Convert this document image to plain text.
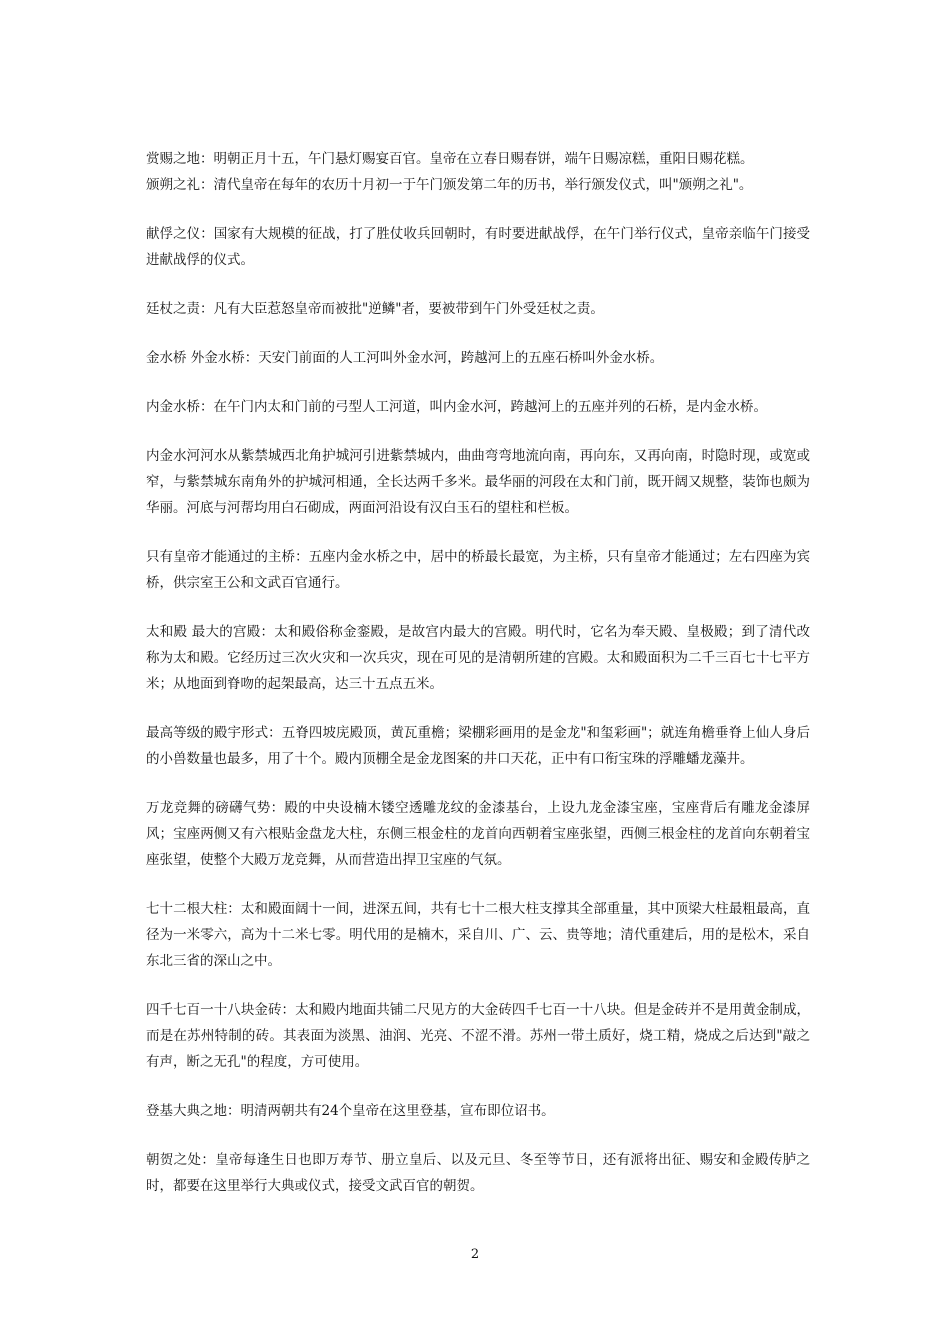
赏赐之地：明朝正月十五，午门悬灯赐宴百官。皇帝在立春日赐春饼，端午日赐凉糕，重阳日赐花糕。

颁朔之礼：清代皇帝在每年的农历十月初一于午门颁发第二年的历书，举行颁发仪式，叫"颁朔之礼"。

献俘之仪：国家有大规模的征战，打了胜仗收兵回朝时，有时要进献战俘，在午门举行仪式，皇帝亲临午门接受进献战俘的仪式。

廷杖之责：凡有大臣惹怒皇帝而被批"逆鳞"者，要被带到午门外受廷杖之责。

金水桥 外金水桥：天安门前面的人工河叫外金水河，跨越河上的五座石桥叫外金水桥。

内金水桥：在午门内太和门前的弓型人工河道，叫内金水河，跨越河上的五座并列的石桥，是内金水桥。

内金水河河水从紫禁城西北角护城河引进紫禁城内，曲曲弯弯地流向南，再向东，又再向南，时隐时现，或宽或窄，与紫禁城东南角外的护城河相通，全长达两千多米。最华丽的河段在太和门前，既开阔又规整，装饰也颇为华丽。河底与河帮均用白石砌成，两面河沿设有汉白玉石的望柱和栏板。

只有皇帝才能通过的主桥：五座内金水桥之中，居中的桥最长最宽，为主桥，只有皇帝才能通过；左右四座为宾桥，供宗室王公和文武百官通行。

太和殿 最大的宫殿：太和殿俗称金銮殿，是故宫内最大的宫殿。明代时，它名为奉天殿、皇极殿；到了清代改称为太和殿。它经历过三次火灾和一次兵灾，现在可见的是清朝所建的宫殿。太和殿面积为二千三百七十七平方米；从地面到脊吻的起架最高，达三十五点五米。

最高等级的殿宇形式：五脊四坡庑殿顶，黄瓦重檐；梁棚彩画用的是金龙"和玺彩画"；就连角檐垂脊上仙人身后的小兽数量也最多，用了十个。殿内顶棚全是金龙图案的井口天花，正中有口衔宝珠的浮雕蟠龙藻井。

万龙竞舞的磅礴气势：殿的中央设楠木镂空透雕龙纹的金漆基台，上设九龙金漆宝座，宝座背后有雕龙金漆屏风；宝座两侧又有六根贴金盘龙大柱，东侧三根金柱的龙首向西朝着宝座张望，西侧三根金柱的龙首向东朝着宝座张望，使整个大殿万龙竞舞，从而营造出捍卫宝座的气氛。

七十二根大柱：太和殿面阔十一间，进深五间，共有七十二根大柱支撑其全部重量，其中顶梁大柱最粗最高，直径为一米零六，高为十二米七零。明代用的是楠木，采自川、广、云、贵等地；清代重建后，用的是松木，采自东北三省的深山之中。

四千七百一十八块金砖：太和殿内地面共铺二尺见方的大金砖四千七百一十八块。但是金砖并不是用黄金制成，而是在苏州特制的砖。其表面为淡黑、油润、光亮、不涩不滑。苏州一带土质好，烧工精，烧成之后达到"敲之有声，断之无孔"的程度，方可使用。

登基大典之地：明清两朝共有24个皇帝在这里登基，宣布即位诏书。

朝贺之处：皇帝每逢生日也即万寿节、册立皇后、以及元旦、冬至等节日，还有派将出征、赐安和金殿传胪之时，都要在这里举行大典或仪式，接受文武百官的朝贺。

2
